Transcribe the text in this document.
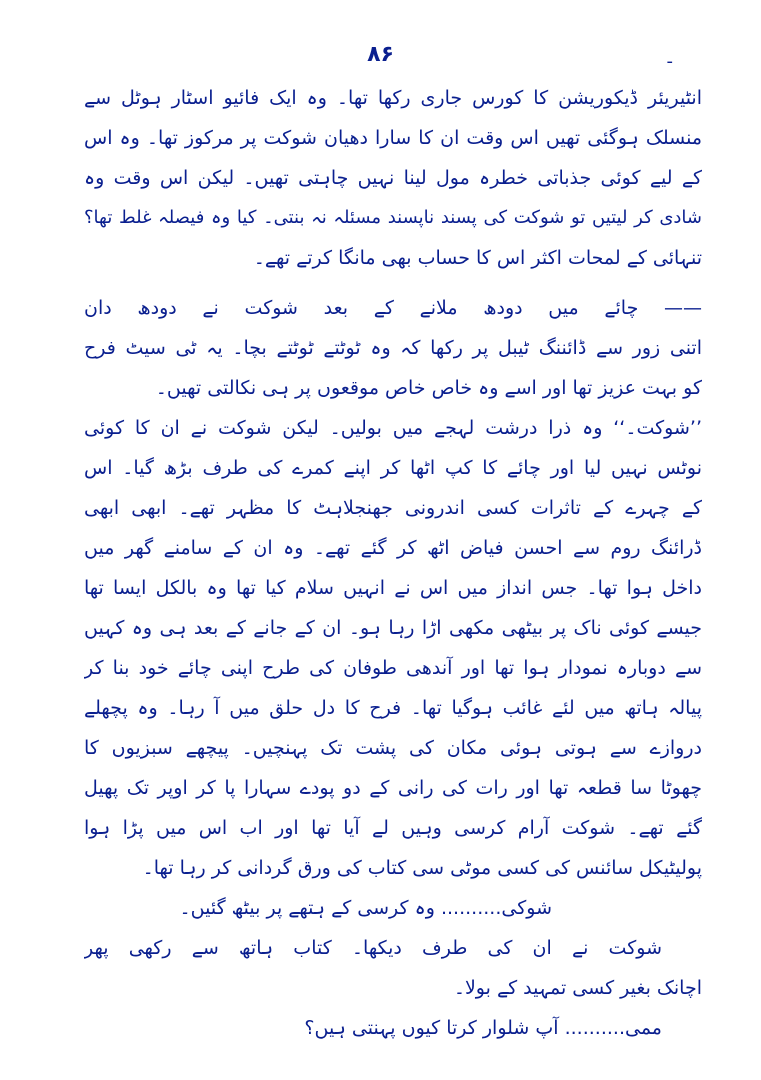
۸۶	-
انٹیریئر ڈیکوریشن کا کورس جاری رکھا تھا۔ وہ ایک فائیو اسٹار ہوٹل سے
منسلک ہوگئی تھیں اس وقت ان کا سارا دھیان شوکت پر مرکوز تھا۔ وہ اس
کے لیے کوئی جذباتی خطرہ مول لینا نہیں چاہتی تھیں۔ لیکن اس وقت وہ
شادی کر لیتیں تو شوکت کی پسند ناپسند مسئلہ نہ بنتی۔ کیا وہ فیصلہ غلط تھا؟
تنہائی کے لمحات اکثر اس کا حساب بھی مانگا کرتے تھے۔
—— چائے میں دودھ ملانے کے بعد شوکت نے دودھ دان
اتنی زور سے ڈائننگ ٹیبل پر رکھا کہ وہ ٹوٹتے ٹوٹتے بچا۔ یہ ٹی سیٹ فرح
کو بہت عزیز تھا اور اسے وہ خاص خاص موقعوں پر ہی نکالتی تھیں۔
’’شوکت۔‘‘ وہ ذرا درشت لہجے میں بولیں۔ لیکن شوکت نے ان کا کوئی
نوٹس نہیں لیا اور چائے کا کپ اٹھا کر اپنے کمرے کی طرف بڑھ گیا۔ اس
کے چہرے کے تاثرات کسی اندرونی جھنجلاہٹ کا مظہر تھے۔ ابھی ابھی
ڈرائنگ روم سے احسن فیاض اٹھ کر گئے تھے۔ وہ ان کے سامنے گھر میں
داخل ہوا تھا۔ جس انداز میں اس نے انہیں سلام کیا تھا وہ بالکل ایسا تھا
جیسے کوئی ناک پر بیٹھی مکھی اڑا رہا ہو۔ ان کے جانے کے بعد ہی وہ کہیں
سے دوبارہ نمودار ہوا تھا اور آندھی طوفان کی طرح اپنی چائے خود بنا کر
پیالہ ہاتھ میں لئے غائب ہوگیا تھا۔ فرح کا دل حلق میں آ رہا۔ وہ پچھلے
دروازے سے ہوتی ہوئی مکان کی پشت تک پہنچیں۔ پیچھے سبزیوں کا
چھوٹا سا قطعہ تھا اور رات کی رانی کے دو پودے سہارا پا کر اوپر تک پھیل
گئے تھے۔ شوکت آرام کرسی وہیں لے آیا تھا اور اب اس میں پڑا ہوا
پولیٹیکل سائنس کی کسی موٹی سی کتاب کی ورق گردانی کر رہا تھا۔
شوکی.......... وہ کرسی کے ہتھے پر بیٹھ گئیں۔
شوکت نے ان کی طرف دیکھا۔ کتاب ہاتھ سے رکھی پھر
اچانک بغیر کسی تمہید کے بولا۔
ممی.......... آپ شلوار کرتا کیوں پہنتی ہیں؟
